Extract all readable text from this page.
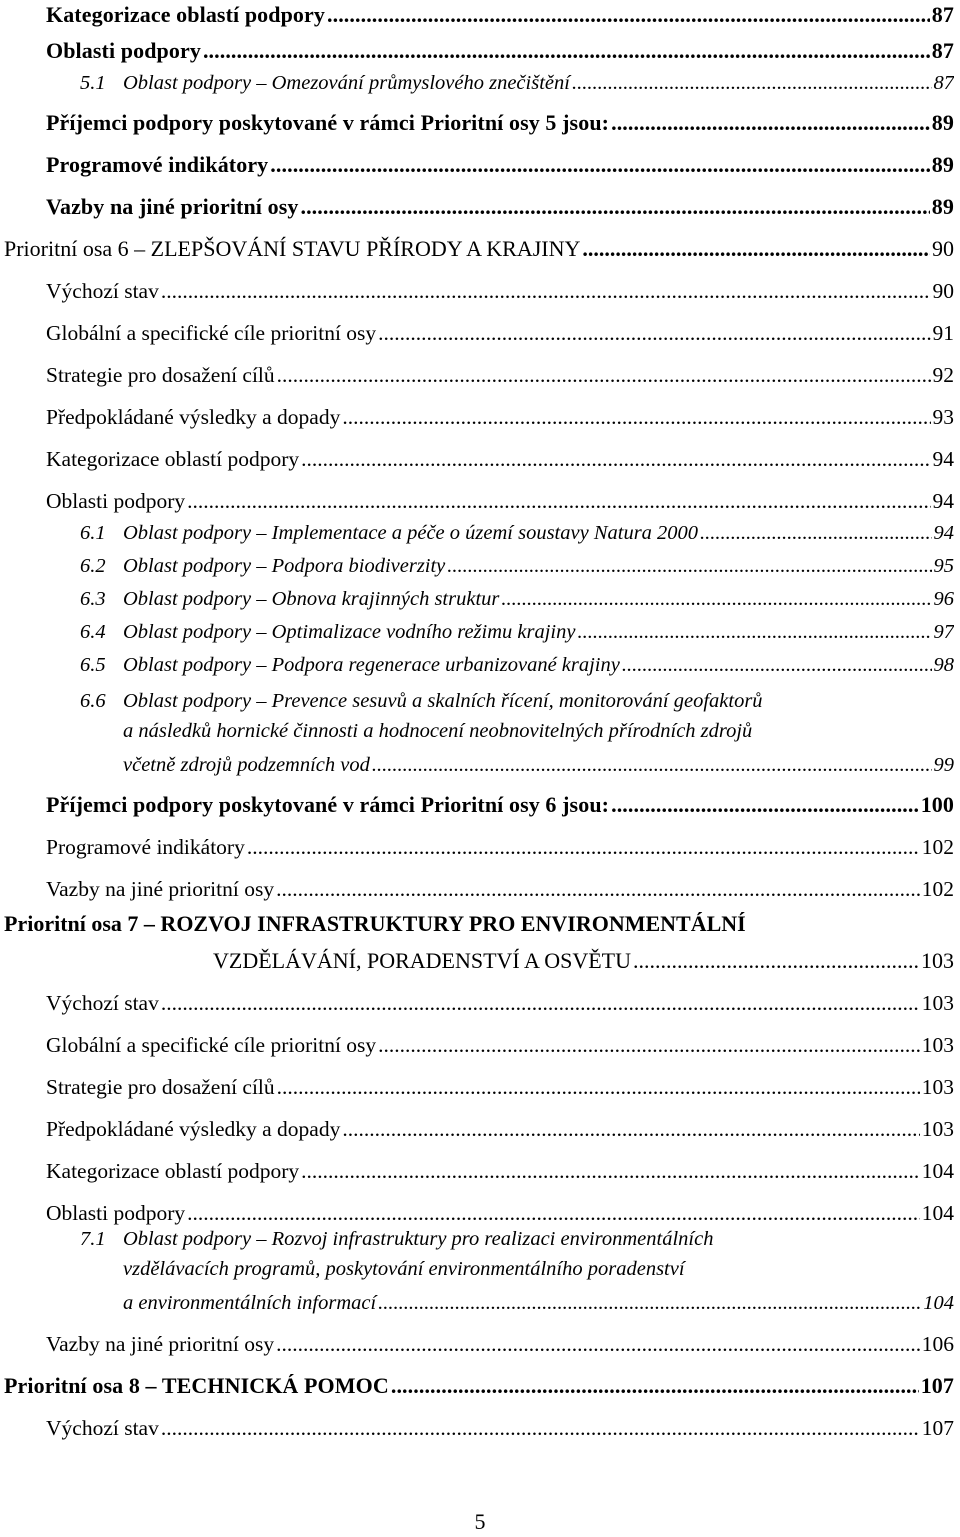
Kategorizace oblastí podpory .....	87
Oblasti podpory .....	87
5.1 Oblast podpory – Omezování průmyslového znečištění .....	87
Příjemci podpory poskytované v rámci Prioritní osy 5 jsou: .....	89
Programové indikátory .....	89
Vazby na jiné prioritní osy .....	89
Prioritní osa 6 – ZLEPŠOVÁNÍ STAVU PŘÍRODY A KRAJINY .....	90
Výchozí stav .....	90
Globální a specifické cíle prioritní osy .....	91
Strategie pro dosažení cílů .....	92
Předpokládané výsledky a dopady .....	93
Kategorizace oblastí podpory .....	94
Oblasti podpory .....	94
6.1 Oblast podpory – Implementace a péče o území soustavy Natura 2000 .....	94
6.2 Oblast podpory – Podpora biodiverzity .....	95
6.3 Oblast podpory – Obnova krajinných struktur .....	96
6.4 Oblast podpory – Optimalizace vodního režimu krajiny .....	97
6.5 Oblast podpory – Podpora regenerace urbanizované krajiny .....	98
6.6 Oblast podpory – Prevence sesuvů a skalních řícení, monitorování geofaktorů
a následků hornické činnosti a hodnocení neobnovitelných přírodních zdrojů
včetně zdrojů podzemních vod .....	99
Příjemci podpory poskytované v rámci Prioritní osy 6 jsou: .....	100
Programové indikátory .....	102
Vazby na jiné prioritní osy .....	102
Prioritní osa 7 – ROZVOJ INFRASTRUKTURY PRO ENVIRONMENTÁLNÍ
VZDĚLÁVÁNÍ, PORADENSTVÍ A OSVĚTU .....	103
Výchozí stav .....	103
Globální a specifické cíle prioritní osy .....	103
Strategie pro dosažení cílů .....	103
Předpokládané výsledky a dopady .....	103
Kategorizace oblastí podpory .....	104
Oblasti podpory .....	104
7.1 Oblast podpory – Rozvoj infrastruktury pro realizaci environmentálních
vzdělávacích programů, poskytování environmentálního poradenství
a environmentálních informací .....	104
Vazby na jiné prioritní osy .....	106
Prioritní osa 8 – TECHNICKÁ POMOC .....	107
Výchozí stav .....	107
5
